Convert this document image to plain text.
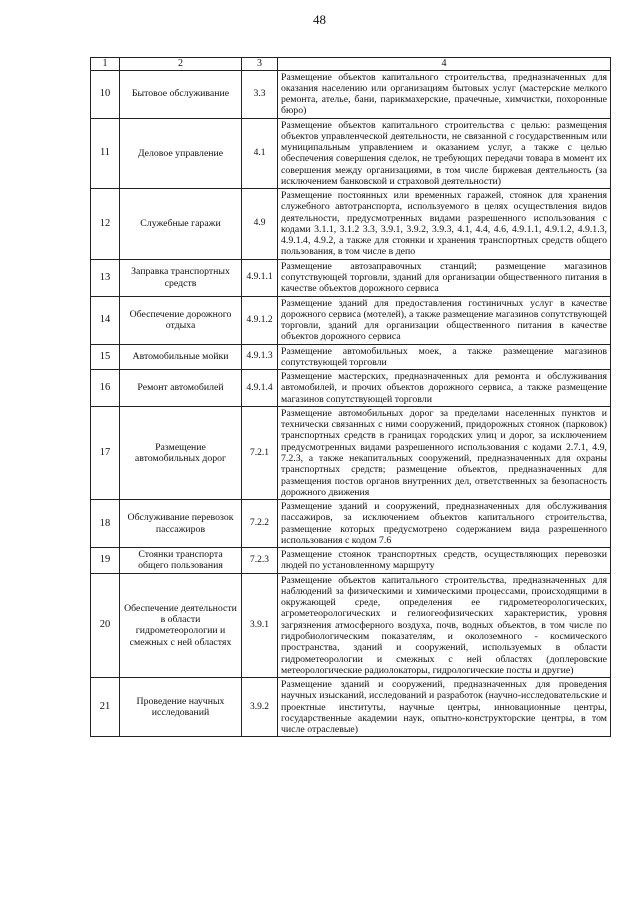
48
1	2	3	4
10	Бытовое обслуживание	3.3	Размещение объектов капитального строительства, предназначенных для оказания населению или организациям бытовых услуг (мастерские мелкого ремонта, ателье, бани, парикмахерские, прачечные, химчистки, похоронные бюро)
11	Деловое управление	4.1	Размещение объектов капитального строительства с целью: размещения объектов управленческой деятельности, не связанной с государственным или муниципальным управлением и оказанием услуг, а также с целью обеспечения совершения сделок, не требующих передачи товара в момент их совершения между организациями, в том числе биржевая деятельность (за исключением банковской и страховой деятельности)
12	Служебные гаражи	4.9	Размещение постоянных или временных гаражей, стоянок для хранения служебного автотранспорта, используемого в целях осуществления видов деятельности, предусмотренных видами разрешенного использования с кодами 3.1.1, 3.1.2 3.3, 3.9.1, 3.9.2, 3.9.3, 4.1, 4.4, 4.6, 4.9.1.1, 4.9.1.2, 4.9.1.3, 4.9.1.4, 4.9.2, а также для стоянки и хранения транспортных средств общего пользования, в том числе в депо
13	Заправка транспортных средств	4.9.1.1	Размещение автозаправочных станций; размещение магазинов сопутствующей торговли, зданий для организации общественного питания в качестве объектов дорожного сервиса
14	Обеспечение дорожного отдыха	4.9.1.2	Размещение зданий для предоставления гостиничных услуг в качестве дорожного сервиса (мотелей), а также размещение магазинов сопутствующей торговли, зданий для организации общественного питания в качестве объектов дорожного сервиса
15	Автомобильные мойки	4.9.1.3	Размещение автомобильных моек, а также размещение магазинов сопутствующей торговли
16	Ремонт автомобилей	4.9.1.4	Размещение мастерских, предназначенных для ремонта и обслуживания автомобилей, и прочих объектов дорожного сервиса, а также размещение магазинов сопутствующей торговли
17	Размещение автомобильных дорог	7.2.1	Размещение автомобильных дорог за пределами населенных пунктов и технически связанных с ними сооружений, придорожных стоянок (парковок) транспортных средств в границах городских улиц и дорог, за исключением предусмотренных видами разрешенного использования с кодами 2.7.1, 4.9, 7.2.3, а также некапитальных сооружений, предназначенных для охраны транспортных средств; размещение объектов, предназначенных для размещения постов органов внутренних дел, ответственных за безопасность дорожного движения
18	Обслуживание перевозок пассажиров	7.2.2	Размещение зданий и сооружений, предназначенных для обслуживания пассажиров, за исключением объектов капитального строительства, размещение которых предусмотрено содержанием вида разрешенного использования с кодом 7.6
19	Стоянки транспорта общего пользования	7.2.3	Размещение стоянок транспортных средств, осуществляющих перевозки людей по установленному маршруту
20	Обеспечение деятельности в области гидрометеорологии и смежных с ней областях	3.9.1	Размещение объектов капитального строительства, предназначенных для наблюдений за физическими и химическими процессами, происходящими в окружающей среде, определения ее гидрометеорологических, агрометеорологических и гелиогеофизических характеристик, уровня загрязнения атмосферного воздуха, почв, водных объектов, в том числе по гидробиологическим показателям, и околоземного - космического пространства, зданий и сооружений, используемых в области гидрометеорологии и смежных с ней областях (доплеровские метеорологические радиолокаторы, гидрологические посты и другие)
21	Проведение научных исследований	3.9.2	Размещение зданий и сооружений, предназначенных для проведения научных изысканий, исследований и разработок (научно-исследовательские и проектные институты, научные центры, инновационные центры, государственные академии наук, опытно-конструкторские центры, в том числе отраслевые)
